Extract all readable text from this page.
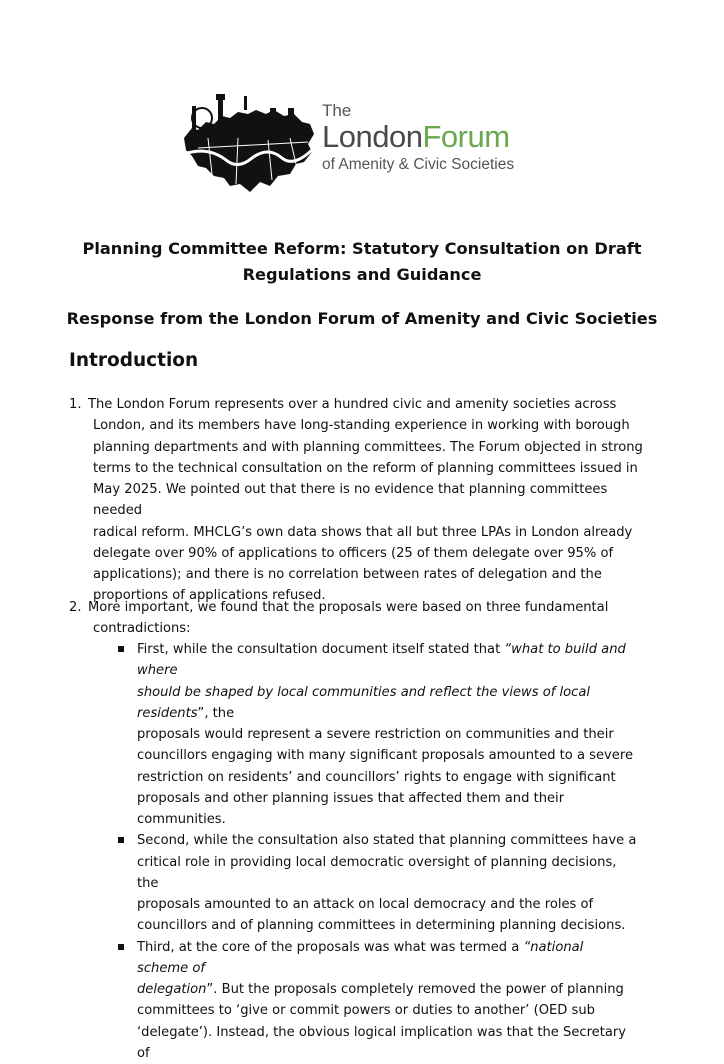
The
LondonForum
of Amenity & Civic Societies
Planning Committee Reform: Statutory Consultation on Draft
Regulations and Guidance
Response from the London Forum of Amenity and Civic Societies
Introduction
1. The London Forum represents over a hundred civic and amenity societies across
London, and its members have long-standing experience in working with borough
planning departments and with planning committees. The Forum objected in strong
terms to the technical consultation on the reform of planning committees issued in
May 2025. We pointed out that there is no evidence that planning committees needed
radical reform. MHCLG’s own data shows that all but three LPAs in London already
delegate over 90% of applications to officers (25 of them delegate over 95% of
applications); and there is no correlation between rates of delegation and the
proportions of applications refused.
2. More important, we found that the proposals were based on three fundamental
contradictions:
First, while the consultation document itself stated that “what to build and where
should be shaped by local communities and reflect the views of local residents”, the
proposals would represent a severe restriction on communities and their
councillors engaging with many significant proposals amounted to a severe
restriction on residents’ and councillors’ rights to engage with significant
proposals and other planning issues that affected them and their communities.
Second, while the consultation also stated that planning committees have a
critical role in providing local democratic oversight of planning decisions, the
proposals amounted to an attack on local democracy and the roles of
councillors and of planning committees in determining planning decisions.
Third, at the core of the proposals was what was termed a “national scheme of
delegation”. But the proposals completely removed the power of planning
committees to ‘give or commit powers or duties to another’ (OED sub
‘delegate’). Instead, the obvious logical implication was that the Secretary of
